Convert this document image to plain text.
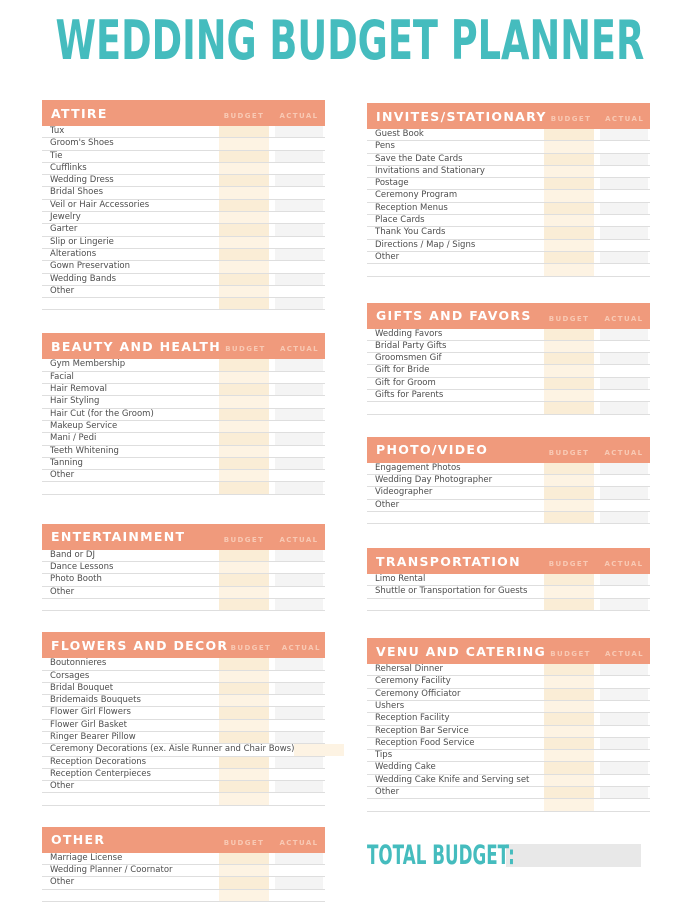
WEDDING BUDGET PLANNER
ATTIRE	BUDGET	ACTUAL
Tux
Groom's Shoes
Tie
Cufflinks
Wedding Dress
Bridal Shoes
Veil or Hair Accessories
Jewelry
Garter
Slip or Lingerie
Alterations
Gown Preservation
Wedding Bands
Other
BEAUTY AND HEALTH BUDGET	ACTUAL
Gym Membership
Facial
Hair Removal
Hair Styling
Hair Cut (for the Groom)
Makeup Service
Mani / Pedi
Teeth Whitening
Tanning
Other
ENTERTAINMENT	BUDGET	ACTUAL
Band or DJ
Dance Lessons
Photo Booth
Other
FLOWERS AND DECOR BUDGET	ACTUAL
Boutonnieres
Corsages
Bridal Bouquet
Bridemaids Bouquets
Flower Girl Flowers
Flower Girl Basket
Ringer Bearer Pillow
Ceremony Decorations (ex. Aisle Runner and Chair Bows)
Reception Decorations
Reception Centerpieces
Other
OTHER	BUDGET	ACTUAL
Marriage License
Wedding Planner / Coornator
Other
INVITES/STATIONARY BUDGET	ACTUAL
Guest Book
Pens
Save the Date Cards
Invitations and Stationary
Postage
Ceremony Program
Reception Menus
Place Cards
Thank You Cards
Directions / Map / Signs
Other
GIFTS AND FAVORS	BUDGET	ACTUAL
Wedding Favors
Bridal Party Gifts
Groomsmen Gif
Gift for Bride
Gift for Groom
Gifts for Parents
PHOTO/VIDEO	BUDGET	ACTUAL
Engagement Photos
Wedding Day Photographer
Videographer
Other
TRANSPORTATION	BUDGET	ACTUAL
Limo Rental
Shuttle or Transportation for Guests
VENU AND CATERING BUDGET	ACTUAL
Rehersal Dinner
Ceremony Facility
Ceremony Officiator
Ushers
Reception Facility
Reception Bar Service
Reception Food Service
Tips
Wedding Cake
Wedding Cake Knife and Serving set
Other
TOTAL BUDGET:
